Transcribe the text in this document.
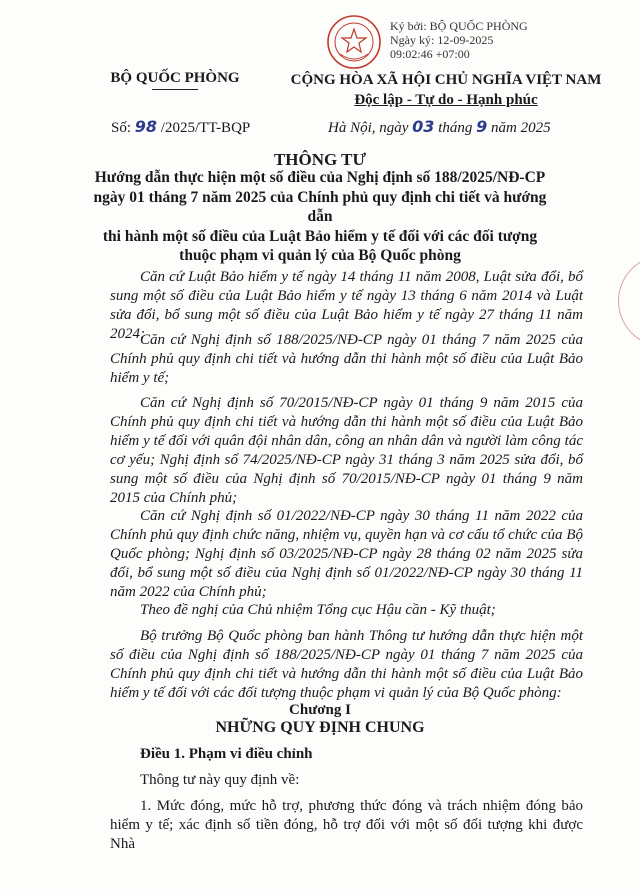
Ký bởi: BỘ QUỐC PHÒNG
Ngày ký: 12-09-2025
09:02:46 +07:00
BỘ QUỐC PHÒNG	CỘNG HÒA XÃ HỘI CHỦ NGHĨA VIỆT NAM
Độc lập - Tự do - Hạnh phúc
Số: 98 /2025/TT-BQP	Hà Nội, ngày 03 tháng 9 năm 2025
THÔNG TƯ
Hướng dẫn thực hiện một số điều của Nghị định số 188/2025/NĐ-CP
ngày 01 tháng 7 năm 2025 của Chính phủ quy định chi tiết và hướng dẫn
thi hành một số điều của Luật Bảo hiểm y tế đối với các đối tượng
thuộc phạm vi quản lý của Bộ Quốc phòng

Căn cứ Luật Bảo hiểm y tế ngày 14 tháng 11 năm 2008, Luật sửa đổi, bổ sung một số điều của Luật Bảo hiểm y tế ngày 13 tháng 6 năm 2014 và Luật sửa đổi, bổ sung một số điều của Luật Bảo hiểm y tế ngày 27 tháng 11 năm 2024;

Căn cứ Nghị định số 188/2025/NĐ-CP ngày 01 tháng 7 năm 2025 của Chính phủ quy định chi tiết và hướng dẫn thi hành một số điều của Luật Bảo hiểm y tế;

Căn cứ Nghị định số 70/2015/NĐ-CP ngày 01 tháng 9 năm 2015 của Chính phủ quy định chi tiết và hướng dẫn thi hành một số điều của Luật Bảo hiểm y tế đối với quân đội nhân dân, công an nhân dân và người làm công tác cơ yếu; Nghị định số 74/2025/NĐ-CP ngày 31 tháng 3 năm 2025 sửa đổi, bổ sung một số điều của Nghị định số 70/2015/NĐ-CP ngày 01 tháng 9 năm 2015 của Chính phủ;

Căn cứ Nghị định số 01/2022/NĐ-CP ngày 30 tháng 11 năm 2022 của Chính phủ quy định chức năng, nhiệm vụ, quyền hạn và cơ cấu tổ chức của Bộ Quốc phòng; Nghị định số 03/2025/NĐ-CP ngày 28 tháng 02 năm 2025 sửa đổi, bổ sung một số điều của Nghị định số 01/2022/NĐ-CP ngày 30 tháng 11 năm 2022 của Chính phủ;

Theo đề nghị của Chủ nhiệm Tổng cục Hậu cần - Kỹ thuật;

Bộ trưởng Bộ Quốc phòng ban hành Thông tư hướng dẫn thực hiện một số điều của Nghị định số 188/2025/NĐ-CP ngày 01 tháng 7 năm 2025 của Chính phủ quy định chi tiết và hướng dẫn thi hành một số điều của Luật Bảo hiểm y tế đối với các đối tượng thuộc phạm vi quản lý của Bộ Quốc phòng:

Chương I
NHỮNG QUY ĐỊNH CHUNG
Điều 1. Phạm vi điều chỉnh

Thông tư này quy định về:

1. Mức đóng, mức hỗ trợ, phương thức đóng và trách nhiệm đóng bảo hiểm y tế; xác định số tiền đóng, hỗ trợ đối với một số đối tượng khi được Nhà
